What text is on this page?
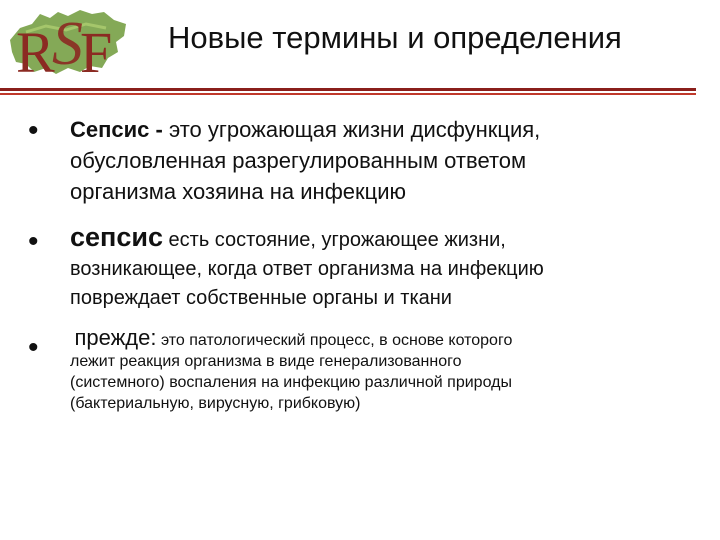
R
S
F Новые термины и определения
• Сепсис - это угрожающая жизни дисфункция,
обусловленная разрегулированным ответом
организма хозяина на инфекцию
• сепсис есть состояние, угрожающее жизни,
возникающее, когда ответ организма на инфекцию
повреждает собственные органы и ткани
• прежде: это патологический процесс, в основе которого
лежит реакция организма в виде генерализованного
(системного) воспаления на инфекцию различной природы
(бактериальную, вирусную, грибковую)
